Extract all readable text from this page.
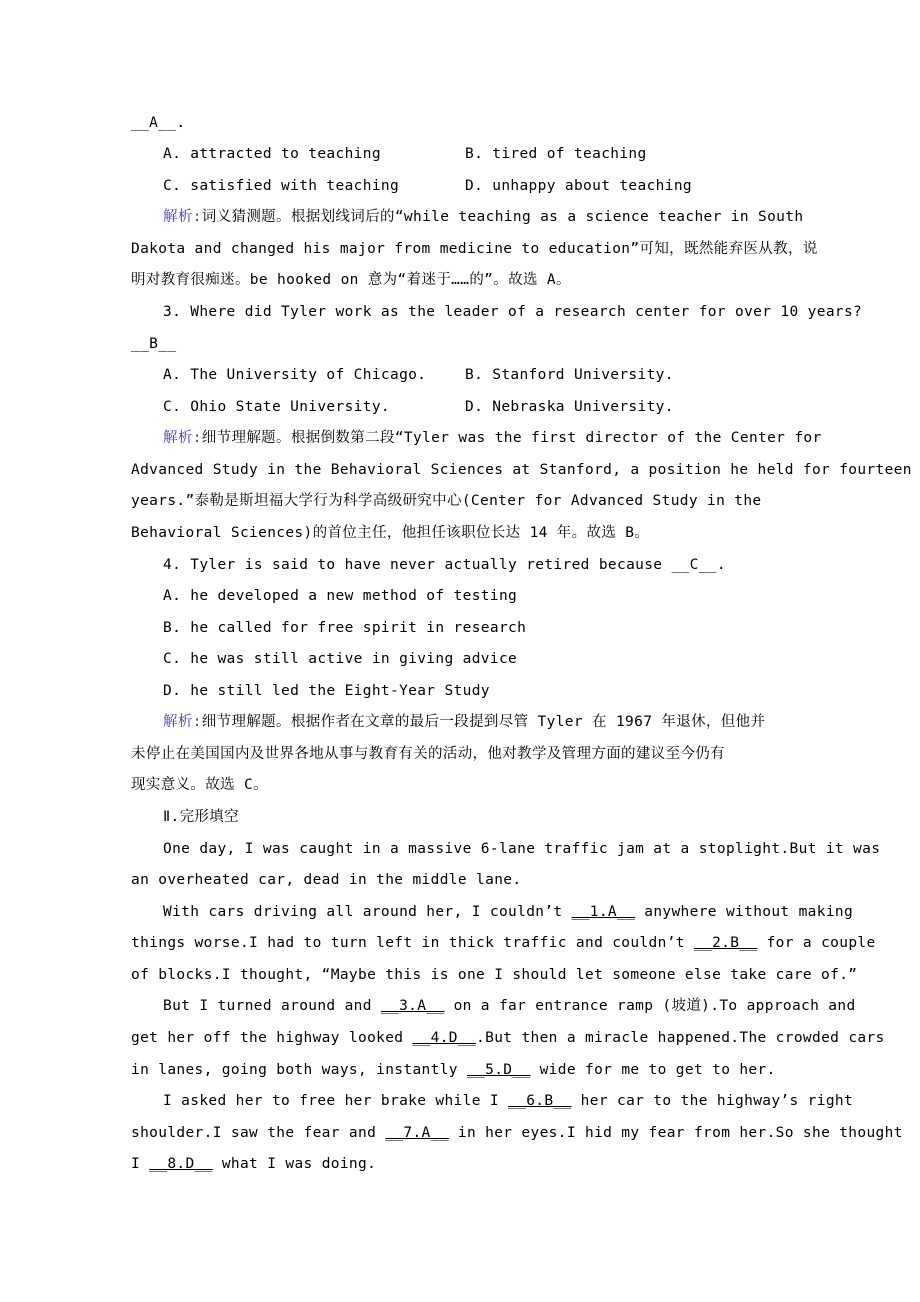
__A__.
A. attracted to teaching	B. tired of teaching
C. satisfied with teaching	D. unhappy about teaching
解析:词义猜测题。根据划线词后的“while teaching as a science teacher in South
Dakota and changed his major from medicine to education”可知，既然能弃医从教，说
明对教育很痴迷。be hooked on 意为“着迷于……的”。故选 A。
3. Where did Tyler work as the leader of a research center for over 10 years?
__B__
A. The University of Chicago.	B. Stanford University.
C. Ohio State University.	D. Nebraska University.
解析:细节理解题。根据倒数第二段“Tyler was the first director of the Center for
Advanced Study in the Behavioral Sciences at Stanford, a position he held for fourteen
years.”泰勒是斯坦福大学行为科学高级研究中心(Center for Advanced Study in the
Behavioral Sciences)的首位主任，他担任该职位长达 14 年。故选 B。
4. Tyler is said to have never actually retired because __C__.
A. he developed a new method of testing
B. he called for free spirit in research
C. he was still active in giving advice
D. he still led the Eight-Year Study
解析:细节理解题。根据作者在文章的最后一段提到尽管 Tyler 在 1967 年退休，但他并
未停止在美国国内及世界各地从事与教育有关的活动，他对教学及管理方面的建议至今仍有
现实意义。故选 C。
Ⅱ.完形填空
One day, I was caught in a massive 6-lane traffic jam at a stoplight.But it was
an overheated car, dead in the middle lane.
With cars driving all around her, I couldn’t __1.A__ anywhere without making
things worse.I had to turn left in thick traffic and couldn’t __2.B__ for a couple
of blocks.I thought, “Maybe this is one I should let someone else take care of.”
But I turned around and __3.A__ on a far entrance ramp (坡道).To approach and
get her off the highway looked __4.D__.But then a miracle happened.The crowded cars
in lanes, going both ways, instantly __5.D__ wide for me to get to her.
I asked her to free her brake while I __6.B__ her car to the highway’s right
shoulder.I saw the fear and __7.A__ in her eyes.I hid my fear from her.So she thought
I __8.D__ what I was doing.
